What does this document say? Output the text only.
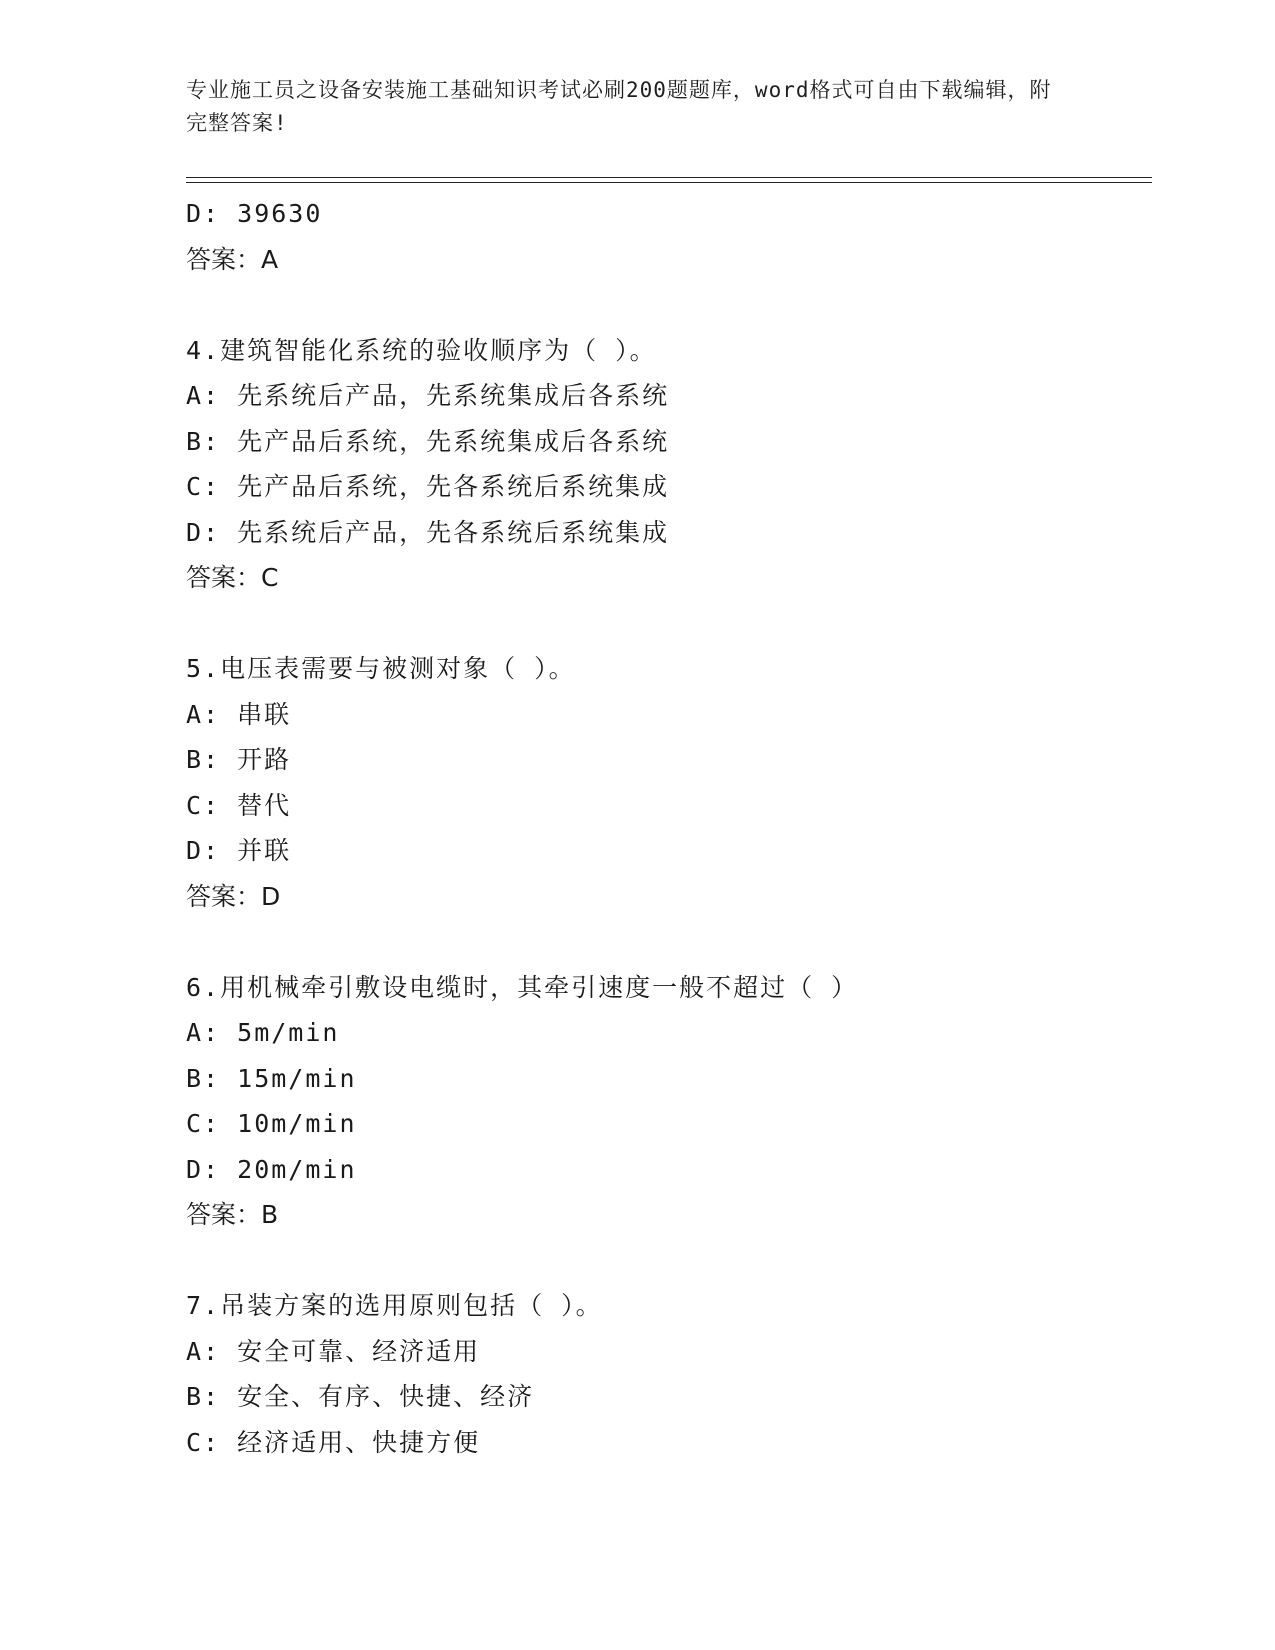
专业施工员之设备安装施工基础知识考试必刷200题题库，word格式可自由下载编辑，附完整答案!
D: 39630
答案：A
4.建筑智能化系统的验收顺序为（ ）。
A: 先系统后产品，先系统集成后各系统
B: 先产品后系统，先系统集成后各系统
C: 先产品后系统，先各系统后系统集成
D: 先系统后产品，先各系统后系统集成
答案：C
5.电压表需要与被测对象（ ）。
A: 串联
B: 开路
C: 替代
D: 并联
答案：D
6.用机械牵引敷设电缆时，其牵引速度一般不超过（ ）
A: 5m/min
B: 15m/min
C: 10m/min
D: 20m/min
答案：B
7.吊装方案的选用原则包括（ ）。
A: 安全可靠、经济适用
B: 安全、有序、快捷、经济
C: 经济适用、快捷方便
